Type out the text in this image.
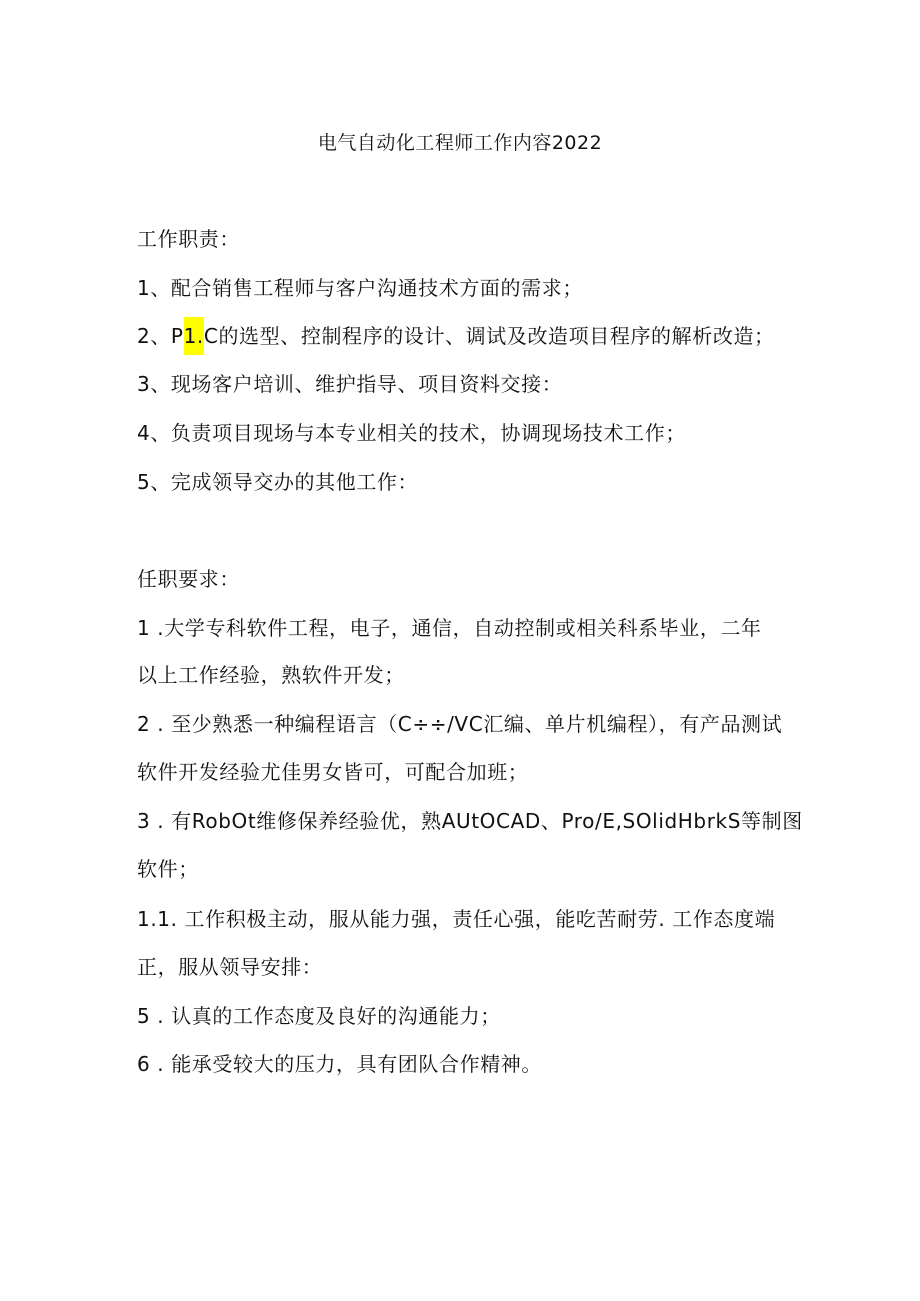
电气自动化工程师工作内容2022
工作职责：
1、配合销售工程师与客户沟通技术方面的需求；
2、P1.C的选型、控制程序的设计、调试及改造项目程序的解析改造；
3、现场客户培训、维护指导、项目资料交接：
4、负责项目现场与本专业相关的技术，协调现场技术工作；
5、完成领导交办的其他工作：
任职要求：
1 .大学专科软件工程，电子，通信，自动控制或相关科系毕业，二年
以上工作经验，熟软件开发；
2 . 至少熟悉一种编程语言（C÷÷/VC汇编、单片机编程），有产品测试
软件开发经验尤佳男女皆可，可配合加班；
3 . 有RobOt维修保养经验优，熟AUtOCAD、Pro/E,SOlidHbrkS等制图
软件；
1.1. 工作积极主动，服从能力强，责任心强，能吃苦耐劳. 工作态度端
正，服从领导安排：
5 . 认真的工作态度及良好的沟通能力；
6 . 能承受较大的压力，具有团队合作精神。
